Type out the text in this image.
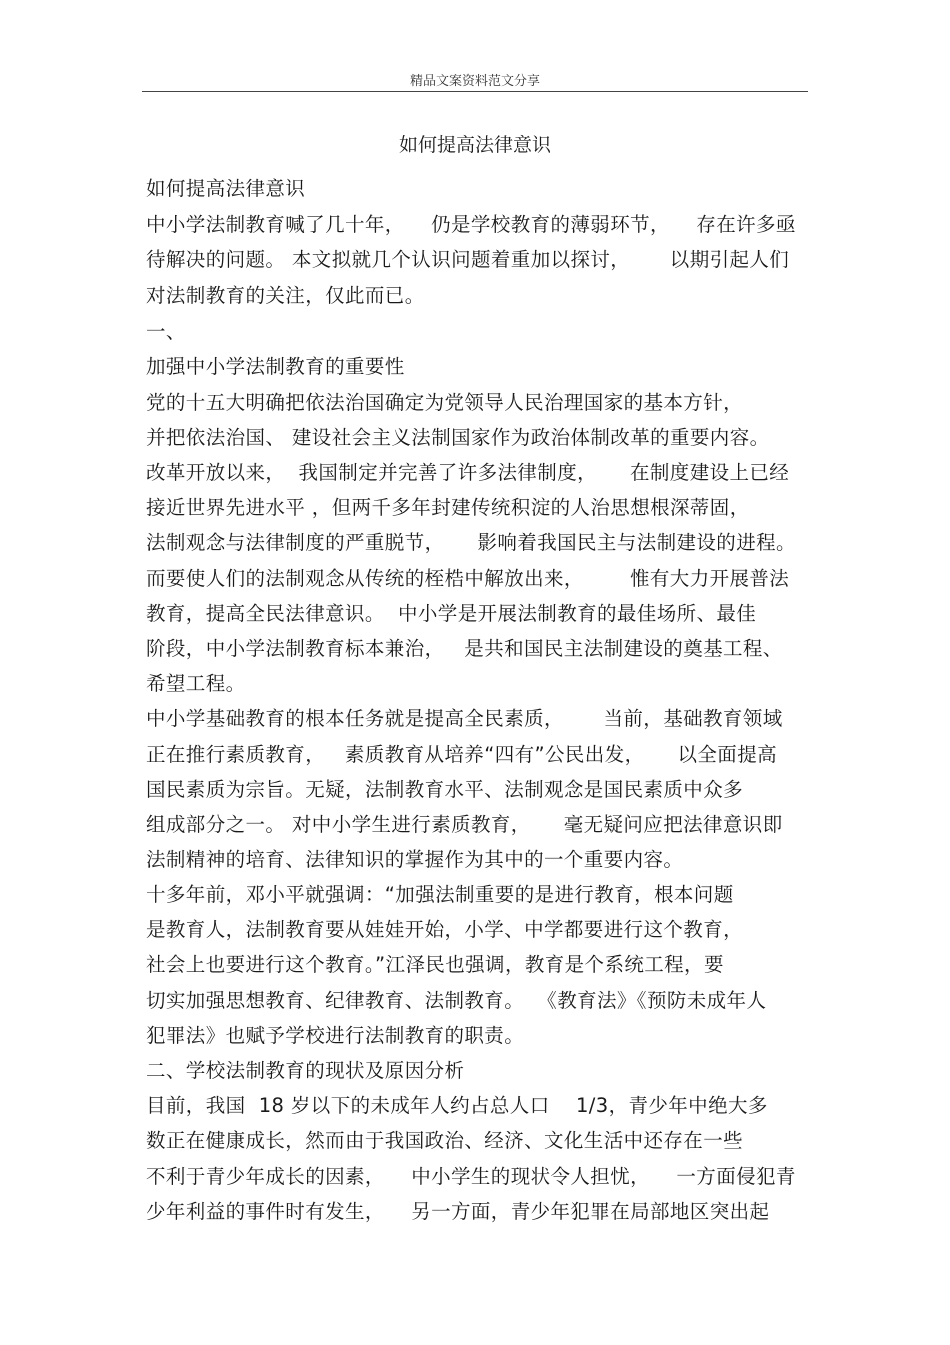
精品文案资料范文分享
如何提高法律意识
如何提高法律意识
中小学法制教育喊了几十年，    仍是学校教育的薄弱环节，    存在许多亟
待解决的问题。 本文拟就几个认识问题着重加以探讨，      以期引起人们
对法制教育的关注，仅此而已。
一、
加强中小学法制教育的重要性
党的十五大明确把依法治国确定为党领导人民治理国家的基本方针，
并把依法治国、 建设社会主义法制国家作为政治体制改革的重要内容。
改革开放以来，  我国制定并完善了许多法律制度，     在制度建设上已经
接近世界先进水平 ，但两千多年封建传统积淀的人治思想根深蒂固，
法制观念与法律制度的严重脱节，     影响着我国民主与法制建设的进程。
而要使人们的法制观念从传统的桎梏中解放出来，       惟有大力开展普法
教育，提高全民法律意识。  中小学是开展法制教育的最佳场所、最佳
阶段，中小学法制教育标本兼治，   是共和国民主法制建设的奠基工程、
希望工程。
中小学基础教育的根本任务就是提高全民素质，      当前，基础教育领域
正在推行素质教育，   素质教育从培养“四有”公民出发，     以全面提高
国民素质为宗旨。无疑，法制教育水平、法制观念是国民素质中众多
组成部分之一。 对中小学生进行素质教育，     毫无疑问应把法律意识即
法制精神的培育、法律知识的掌握作为其中的一个重要内容。
十多年前，邓小平就强调：“加强法制重要的是进行教育，根本问题
是教育人，法制教育要从娃娃开始，小学、中学都要进行这个教育，
社会上也要进行这个教育。”江泽民也强调，教育是个系统工程，要
切实加强思想教育、纪律教育、法制教育。  《教育法》《预防未成年人
犯罪法》也赋予学校进行法制教育的职责。
二、学校法制教育的现状及原因分析
目前，我国  18 岁以下的未成年人约占总人口    1/3，青少年中绝大多
数正在健康成长，然而由于我国政治、经济、文化生活中还存在一些
不利于青少年成长的因素，    中小学生的现状令人担忧，    一方面侵犯青
少年利益的事件时有发生，    另一方面，青少年犯罪在局部地区突出起
